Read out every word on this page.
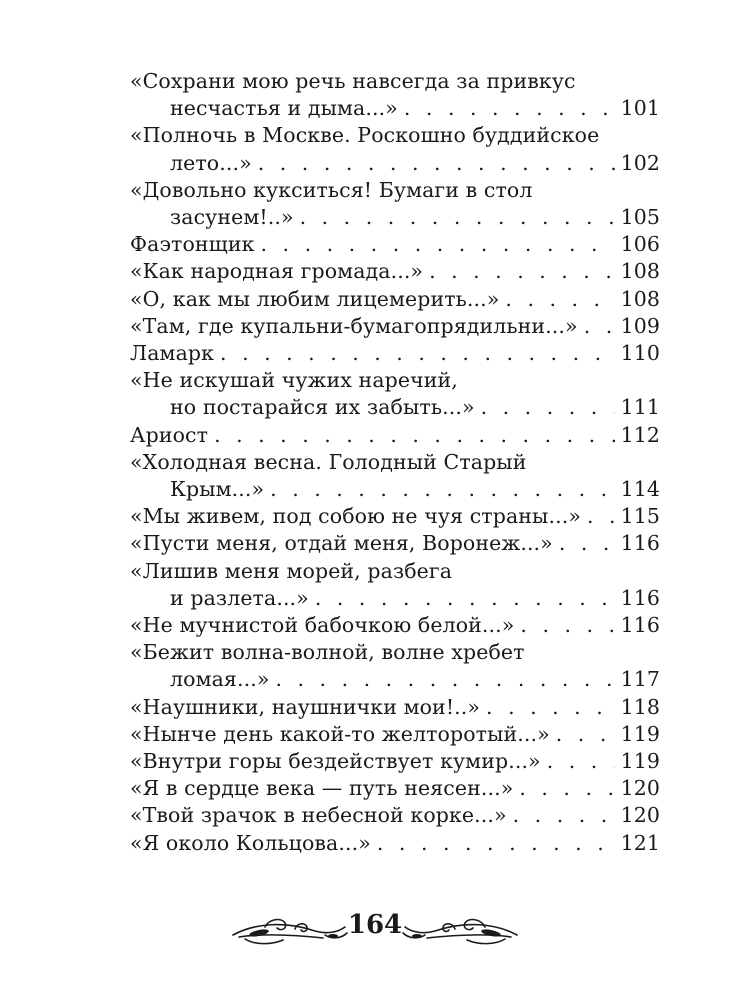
«Сохрани мою речь навсегда за привкус
несчастья и дыма...» . . .	101
«Полночь в Москве. Роскошно буддийское
лето...» . . .	102
«Довольно кукситься! Бумаги в стол
засунем!..» . . .	105
Фаэтонщик . . .	106
«Как народная громада...» . . .	108
«О, как мы любим лицемерить...» . . .	108
«Там, где купальни-бумагопрядильни...» . . . 109
Ламарк . . .	110
«Не искушай чужих наречий,
но постарайся их забыть...» . . .	111
Ариост . . .	112
«Холодная весна. Голодный Старый
Крым...» . . .	114
«Мы живем, под собою не чуя страны...» . . . 115
«Пусти меня, отдай меня, Воронеж...» . . .	116
«Лишив меня морей, разбега
и разлета...» . . .	116
«Не мучнистой бабочкою белой...» . . .	116
«Бежит волна-волной, волне хребет
ломая...» . . .	117
«Наушники, наушнички мои!..» . . .	118
«Нынче день какой-то желторотый...» . . .	119
«Внутри горы бездействует кумир...» . . .	119
«Я в сердце века — путь неясен...» . . .	120
«Твой зрачок в небесной корке...» . . .	120
«Я около Кольцова...» . . .	121
164
